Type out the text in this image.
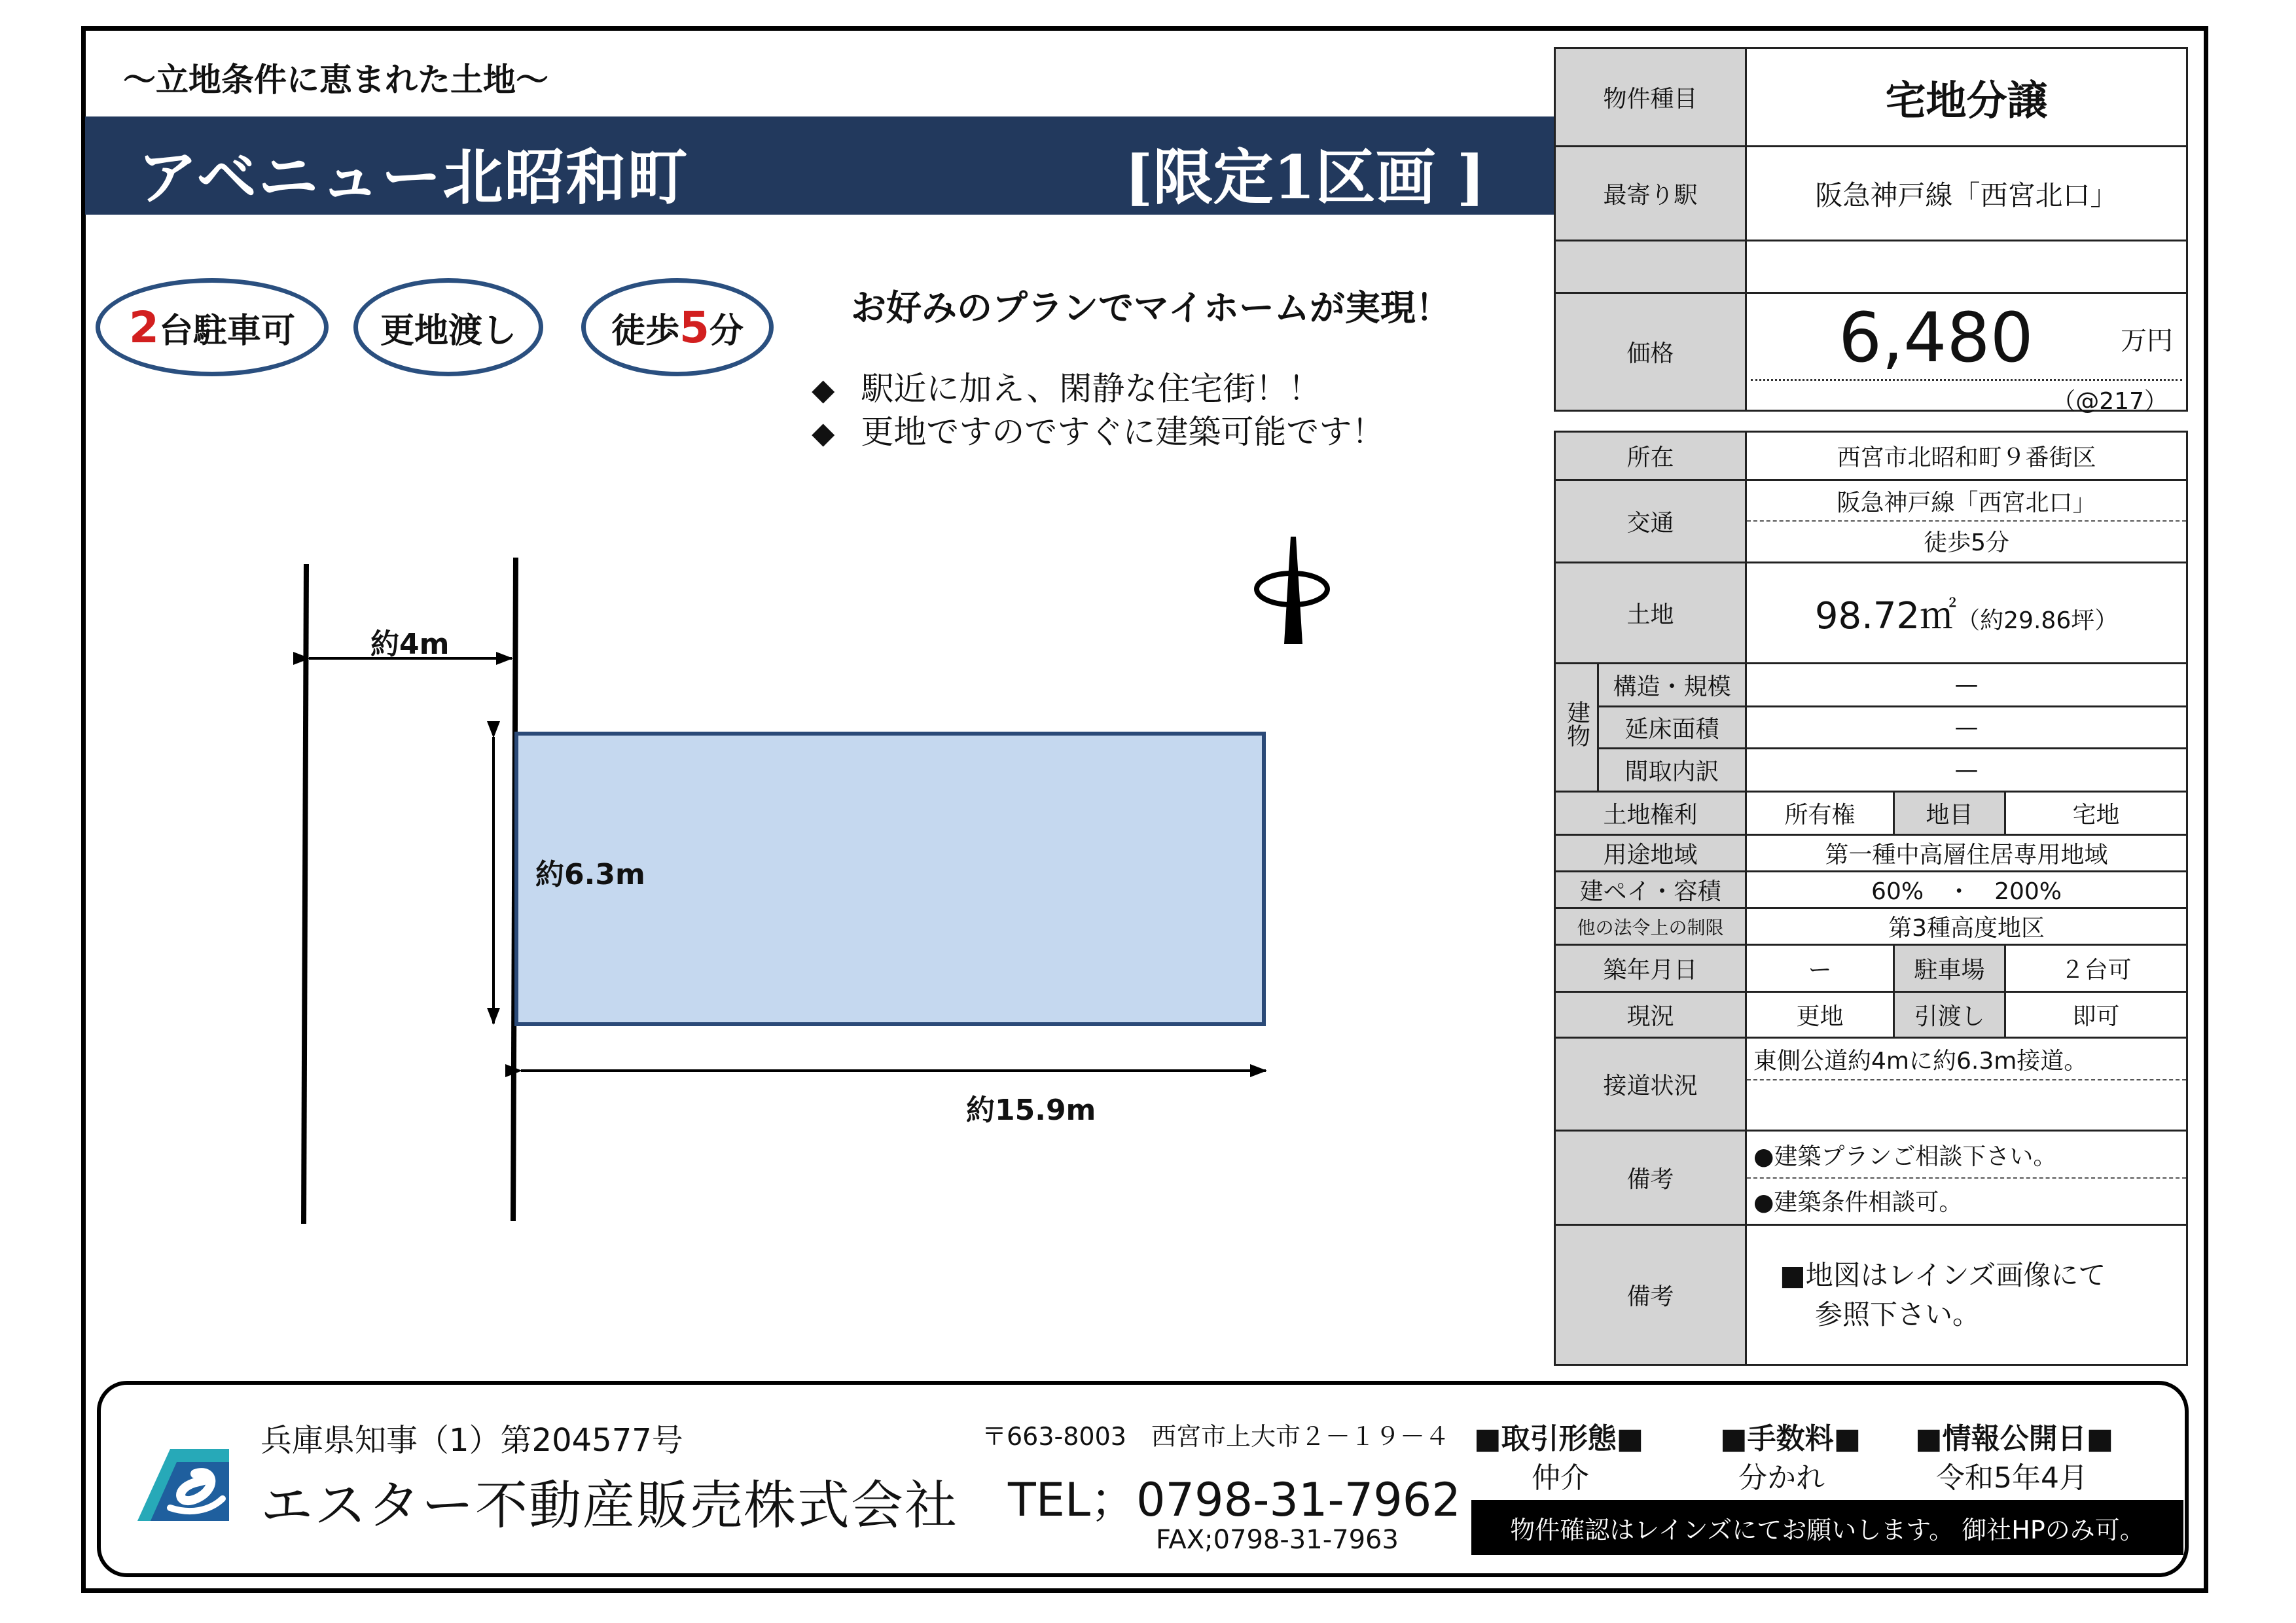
〜立地条件に恵まれた土地〜
アベニュー北昭和町	[限定1区画 ]
2 台駐車可	更地渡し	徒歩 5 分
お好みのプランでマイホームが実現！
◆ 駅近に加え、閑静な住宅街！！
◆ 更地ですのですぐに建築可能です！
約4m
約6.3m
約15.9m
物件種目	宅地分譲
最寄り駅	阪急神戸線「西宮北口」

価格	6,480 万円
（@217）
所在		西宮市北昭和町９番街区		
交通		阪急神戸線「西宮北口」
徒歩5分		

土地		98.72㎡（約29.86坪）		
建物	構造・規模	—		
	延床面積	—		
	間取内訳	—		
土地権利		所有権	地目	宅地
用途地域		第一種中高層住居専用地域		
建ペイ・容積		60%　・　200%		
他の法令上の制限		第3種高度地区		
築年月日		ー	駐車場	２台可
現況		更地	引渡し	即可
接道状況		東側公道約4mに約6.3m接道。		

備考		●建築プランご相談下さい。
●建築条件相談可。		

備考		■地図はレインズ画像にて
参照下さい。		
兵庫県知事（1）第204577号
エスター不動産販売株式会社
〒663-8003　西宮市上大市２－１９－４
TEL；0798-31-7962
FAX;0798-31-7963
■取引形態■
仲介
■手数料■
分かれ
■情報公開日■
令和5年4月
物件確認はレインズにてお願いします。 御社HPのみ可。
